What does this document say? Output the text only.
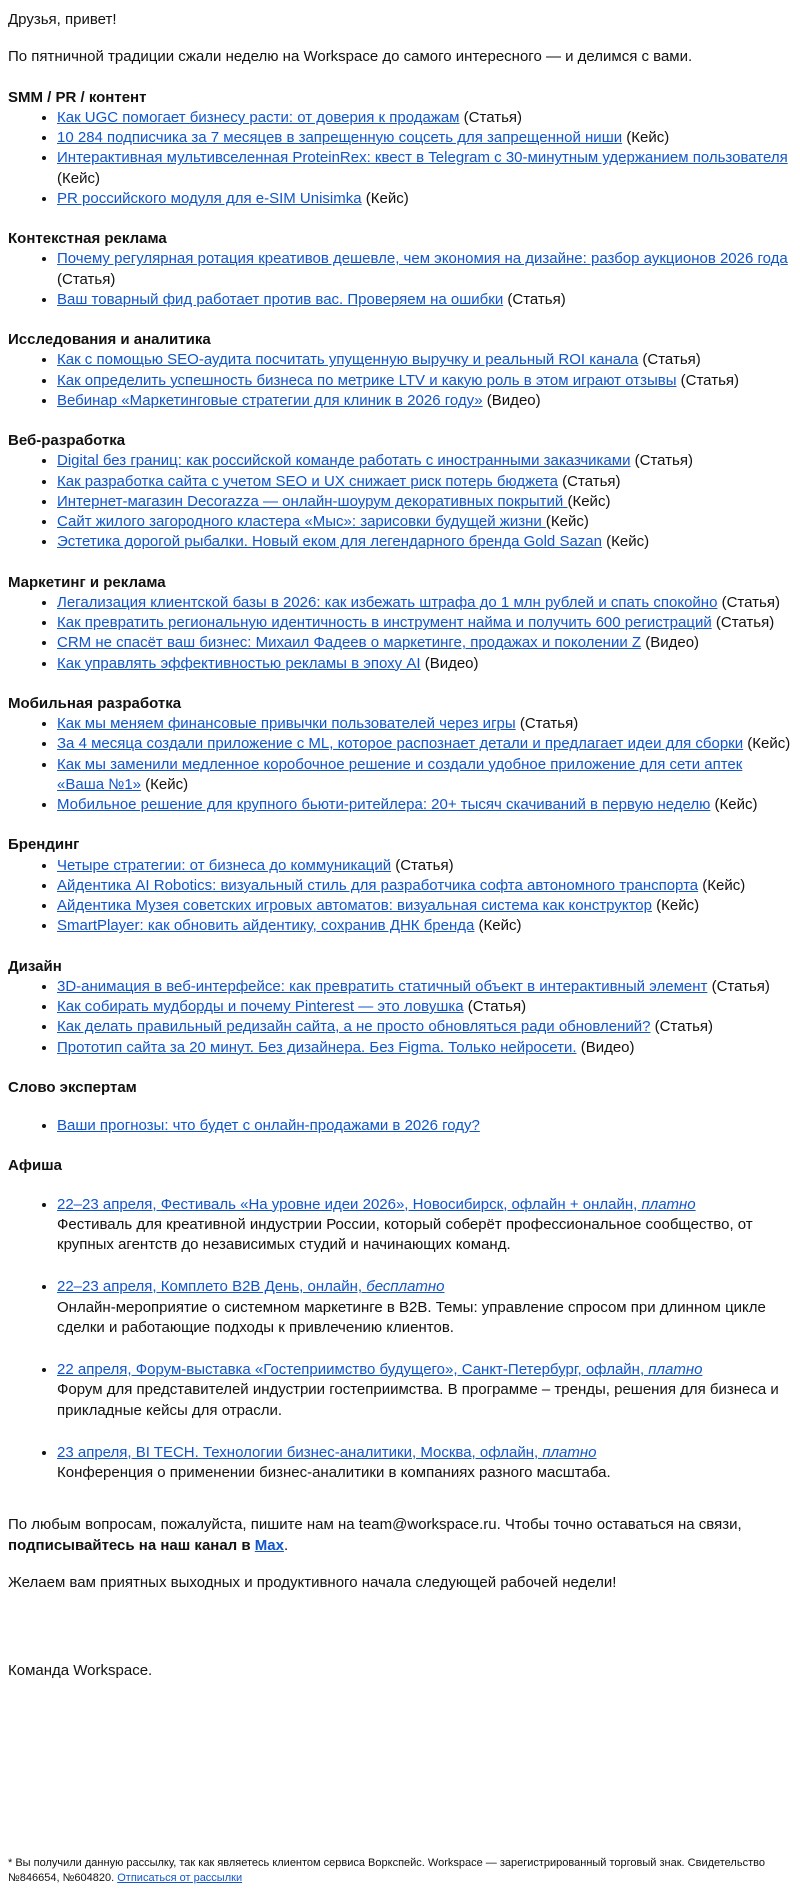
Друзья, привет!

По пятничной традиции сжали неделю на Workspace до самого интересного — и делимся с вами.

SMM / PR / контент

• Как UGC помогает бизнесу расти: от доверия к продажам (Статья)
• 10 284 подписчика за 7 месяцев в запрещенную соцсеть для запрещенной ниши (Кейс)
• Интерактивная мультивселенная ProteinRex: квест в Telegram с 30-минутным удержанием пользователя (Кейс)
• PR российского модуля для e-SIM Unisimka (Кейс)

Контекстная реклама

• Почему регулярная ротация креативов дешевле, чем экономия на дизайне: разбор аукционов 2026 года (Статья)
• Ваш товарный фид работает против вас. Проверяем на ошибки (Статья)

Исследования и аналитика

• Как с помощью SEO-аудита посчитать упущенную выручку и реальный ROI канала (Статья)
• Как определить успешность бизнеса по метрике LTV и какую роль в этом играют отзывы (Статья)
• Вебинар «Маркетинговые стратегии для клиник в 2026 году» (Видео)

Веб-разработка

• Digital без границ: как российской команде работать с иностранными заказчиками (Статья)
• Как разработка сайта с учетом SEO и UX снижает риск потерь бюджета (Статья)
• Интернет-магазин Decorazza — онлайн-шоурум декоративных покрытий (Кейс)
• Сайт жилого загородного кластера «Мыс»: зарисовки будущей жизни (Кейс)
• Эстетика дорогой рыбалки. Новый еком для легендарного бренда Gold Sazan (Кейс)

Маркетинг и реклама

• Легализация клиентской базы в 2026: как избежать штрафа до 1 млн рублей и спать спокойно (Статья)
• Как превратить региональную идентичность в инструмент найма и получить 600 регистраций (Статья)
• CRM не спасёт ваш бизнес: Михаил Фадеев о маркетинге, продажах и поколении Z (Видео)
• Как управлять эффективностью рекламы в эпоху AI (Видео)

Мобильная разработка

• Как мы меняем финансовые привычки пользователей через игры (Статья)
• За 4 месяца создали приложение с ML, которое распознает детали и предлагает идеи для сборки (Кейс)
• Как мы заменили медленное коробочное решение и создали удобное приложение для сети аптек «Ваша №1» (Кейс)
• Мобильное решение для крупного бьюти-ритейлера: 20+ тысяч скачиваний в первую неделю (Кейс)

Брендинг

• Четыре стратегии: от бизнеса до коммуникаций (Статья)
• Айдентика AI Robotics: визуальный стиль для разработчика софта автономного транспорта (Кейс)
• Айдентика Музея советских игровых автоматов: визуальная система как конструктор (Кейс)
• SmartPlayer: как обновить айдентику, сохранив ДНК бренда (Кейс)

Дизайн

• 3D-анимация в веб-интерфейсе: как превратить статичный объект в интерактивный элемент (Статья)
• Как собирать мудборды и почему Pinterest — это ловушка (Статья)
• Как делать правильный редизайн сайта, а не просто обновляться ради обновлений? (Статья)
• Прототип сайта за 20 минут. Без дизайнера. Без Figma. Только нейросети. (Видео)

Слово экспертам

• Ваши прогнозы: что будет с онлайн-продажами в 2026 году?

Афиша

• 22–23 апреля, Фестиваль «На уровне идеи 2026», Новосибирск, офлайн + онлайн, платно
Фестиваль для креативной индустрии России, который соберёт профессиональное сообщество, от крупных агентств до независимых студий и начинающих команд.
• 22–23 апреля, Комплето B2B День, онлайн, бесплатно
Онлайн-мероприятие о системном маркетинге в B2B. Темы: управление спросом при длинном цикле сделки и работающие подходы к привлечению клиентов.
• 22 апреля, Форум-выставка «Гостеприимство будущего», Санкт-Петербург, офлайн, платно
Форум для представителей индустрии гостеприимства. В программе – тренды, решения для бизнеса и прикладные кейсы для отрасли.
• 23 апреля, BI TECH. Технологии бизнес-аналитики, Москва, офлайн, платно
Конференция о применении бизнес-аналитики в компаниях разного масштаба.

По любым вопросам, пожалуйста, пишите нам на team@workspace.ru. Чтобы точно оставаться на связи, подписывайтесь на наш канал в Max.

Желаем вам приятных выходных и продуктивного начала следующей рабочей недели!

Команда Workspace.

* Вы получили данную рассылку, так как являетесь клиентом сервиса Воркспейс. Workspace — зарегистрированный торговый знак. Свидетельство №846654, №604820. Отписаться от рассылки
